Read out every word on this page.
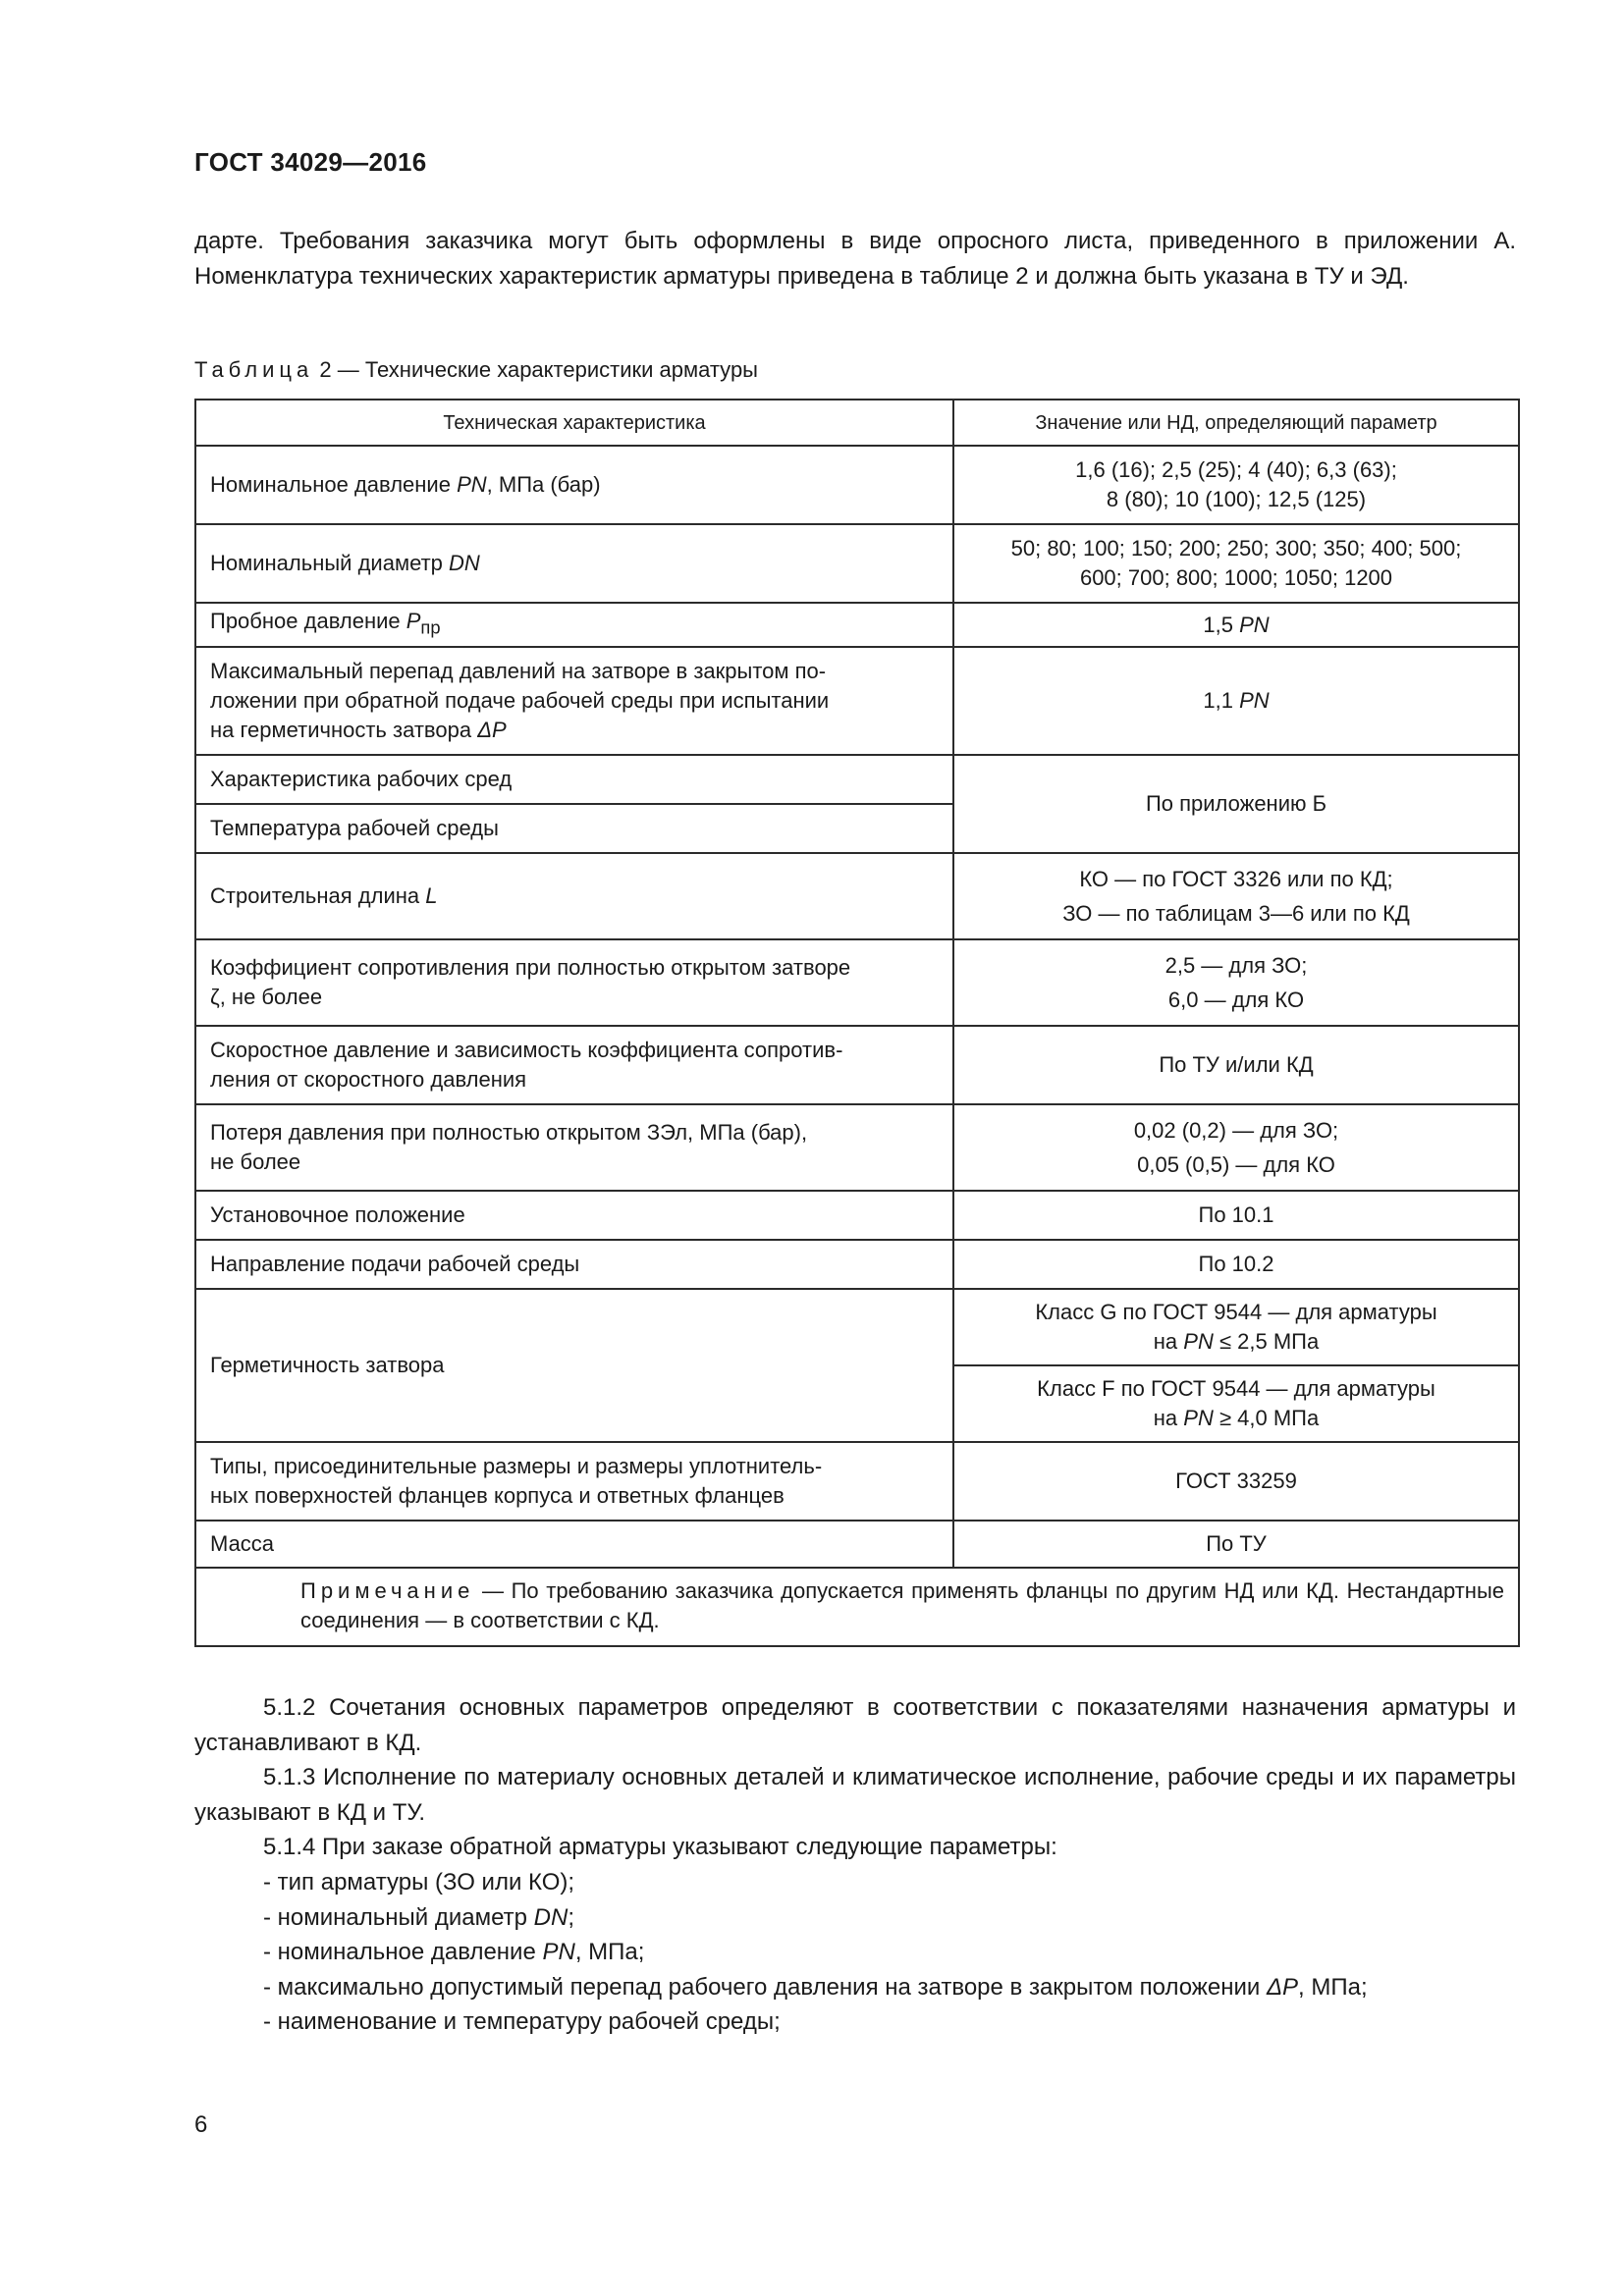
ГОСТ 34029—2016
дарте. Требования заказчика могут быть оформлены в виде опросного листа, приведенного в приложении А. Номенклатура технических характеристик арматуры приведена в таблице 2 и должна быть указана в ТУ и ЭД.
Таблица 2 — Технические характеристики арматуры
Техническая характеристика	Значение или НД, определяющий параметр
Номинальное давление PN, МПа (бар)	1,6 (16); 2,5 (25); 4 (40); 6,3 (63);
8 (80); 10 (100); 12,5 (125)
Номинальный диаметр DN	50; 80; 100; 150; 200; 250; 300; 350; 400; 500;
600; 700; 800; 1000; 1050; 1200
Пробное давление $P_{пр}$	1,5 PN
Максимальный перепад давлений на затворе в закрытом по-
ложении при обратной подаче рабочей среды при испытании
на герметичность затвора ΔP	1,1 PN
Характеристика рабочих сред	По приложению Б
Температура рабочей среды	
Строительная длина L	КО — по ГОСТ 3326 или по КД;
ЗО — по таблицам 3—6 или по КД
Коэффициент сопротивления при полностью открытом затворе
ζ, не более	2,5 — для ЗО;
6,0 — для КО
Скоростное давление и зависимость коэффициента сопротив-
ления от скоростного давления	По ТУ и/или КД
Потеря давления при полностью открытом ЗЭл, МПа (бар),
не более	0,02 (0,2) — для ЗО;
0,05 (0,5) — для КО
Установочное положение	По 10.1
Направление подачи рабочей среды	По 10.2
Герметичность затвора	Класс G по ГОСТ 9544 — для арматуры
на PN ≤ 2,5 МПа
	Класс F по ГОСТ 9544 — для арматуры
на PN ≥ 4,0 МПа
Типы, присоединительные размеры и размеры уплотнитель-
ных поверхностей фланцев корпуса и ответных фланцев	ГОСТ 33259
Масса	По ТУ

Примечание — По требованию заказчика допускается применять фланцы по другим НД или КД. Нестандартные соединения — в соответствии с КД.	

5.1.2 Сочетания основных параметров определяют в соответствии с показателями назначения арматуры и устанавливают в КД.

5.1.3 Исполнение по материалу основных деталей и климатическое исполнение, рабочие среды и их параметры указывают в КД и ТУ.

5.1.4 При заказе обратной арматуры указывают следующие параметры:

- тип арматуры (ЗО или КО);

- номинальный диаметр DN;

- номинальное давление PN, МПа;

- максимально допустимый перепад рабочего давления на затворе в закрытом положении ΔP, МПа;

- наименование и температуру рабочей среды;

6
